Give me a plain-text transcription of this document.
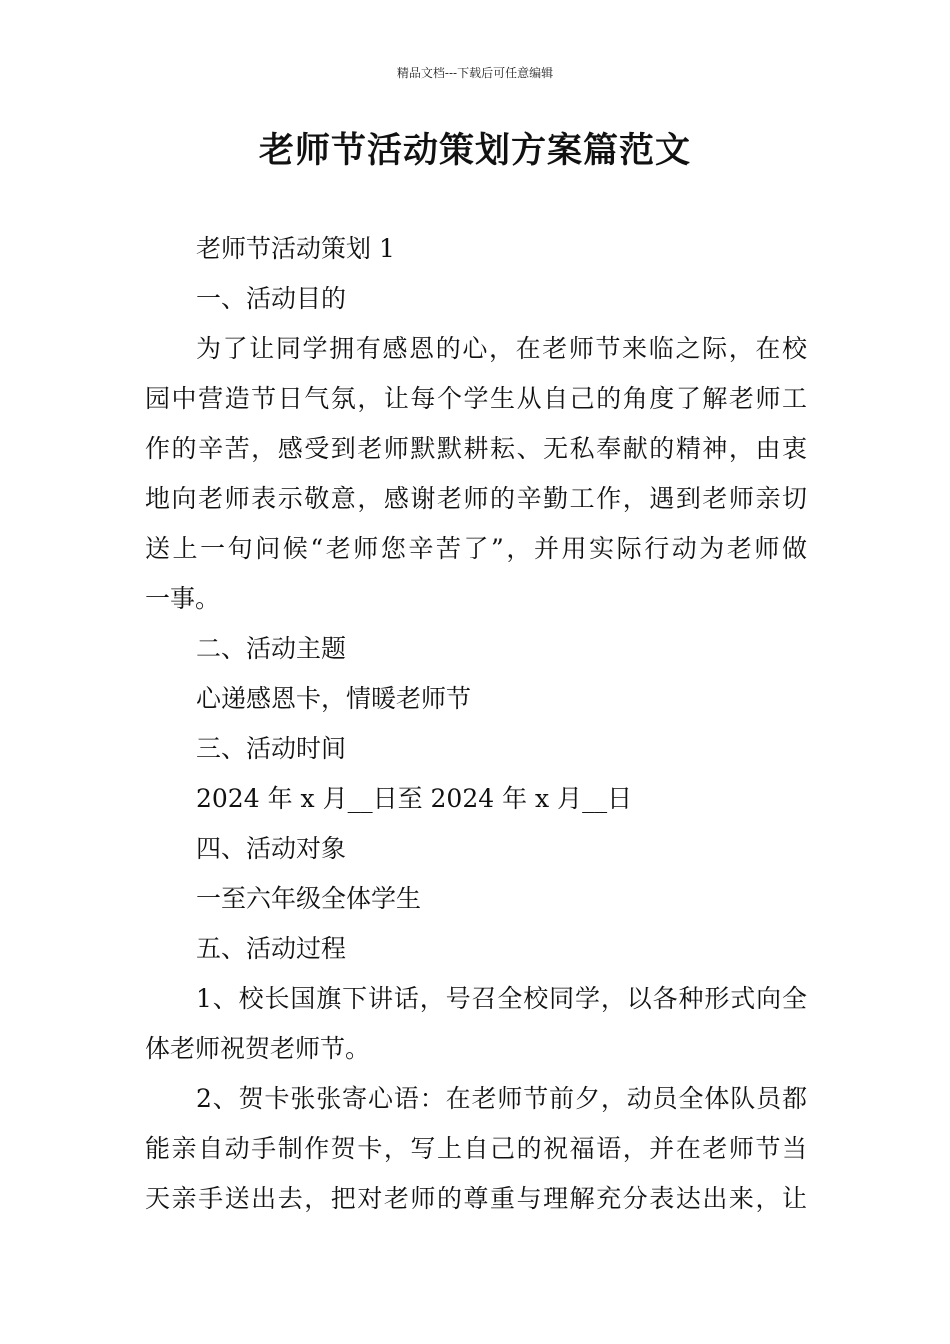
精品文档---下载后可任意编辑
老师节活动策划方案篇范文
老师节活动策划 1
一、活动目的
为了让同学拥有感恩的心，在老师节来临之际，在校
园中营造节日气氛，让每个学生从自己的角度了解老师工
作的辛苦，感受到老师默默耕耘、无私奉献的精神，由衷
地向老师表示敬意，感谢老师的辛勤工作，遇到老师亲切
送上一句问候“老师您辛苦了”，并用实际行动为老师做
一事。
二、活动主题
心递感恩卡，情暖老师节
三、活动时间
2024 年 x 月__日至 2024 年 x 月__日
四、活动对象
一至六年级全体学生
五、活动过程
1、校长国旗下讲话，号召全校同学，以各种形式向全
体老师祝贺老师节。
2、贺卡张张寄心语：在老师节前夕，动员全体队员都
能亲自动手制作贺卡，写上自己的祝福语，并在老师节当
天亲手送出去，把对老师的尊重与理解充分表达出来，让
